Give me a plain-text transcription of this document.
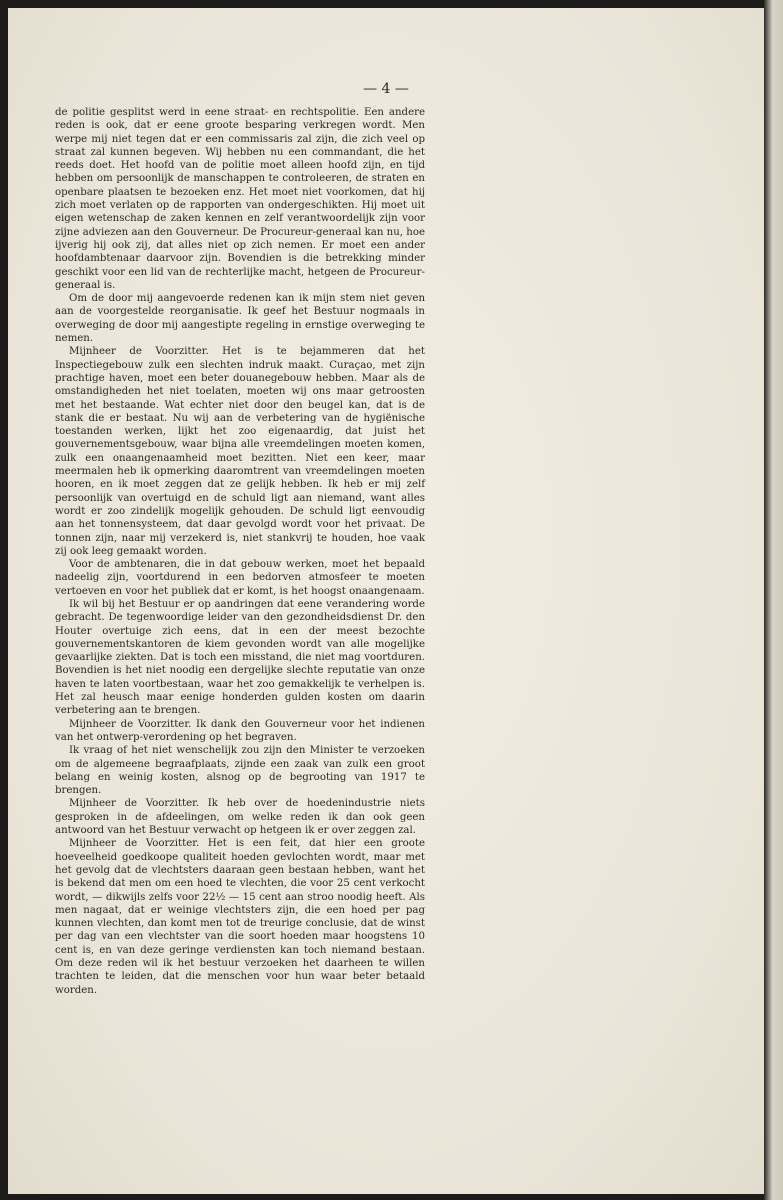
— 4 —

de politie gesplitst werd in eene straat- en rechtspolitie. Een andere reden is ook, dat er eene groote besparing verkregen wordt. Men werpe mij niet tegen dat er een commissaris zal zijn, die zich veel op straat zal kunnen begeven. Wij hebben nu een commandant, die het reeds doet. Het hoofd van de politie moet alleen hoofd zijn, en tijd hebben om persoonlijk de manschappen te controleeren, de straten en openbare plaatsen te bezoeken enz. Het moet niet voorkomen, dat hij zich moet verlaten op de rapporten van ondergeschikten. Hij moet uit eigen wetenschap de zaken kennen en zelf verantwoordelijk zijn voor zijne adviezen aan den Gouverneur. De Procureur-generaal kan nu, hoe ijverig hij ook zij, dat alles niet op zich nemen. Er moet een ander hoofdambtenaar daarvoor zijn. Bovendien is die betrekking minder geschikt voor een lid van de rechterlijke macht, hetgeen de Procureur-generaal is.

Om de door mij aangevoerde redenen kan ik mijn stem niet geven aan de voorgestelde reorganisatie. Ik geef het Bestuur nogmaals in overweging de door mij aangestipte regeling in ernstige overweging te nemen.

Mijnheer de Voorzitter. Het is te bejammeren dat het Inspectiegebouw zulk een slechten indruk maakt. Curaçao, met zijn prachtige haven, moet een beter douanegebouw hebben. Maar als de omstandigheden het niet toelaten, moeten wij ons maar getroosten met het bestaande. Wat echter niet door den beugel kan, dat is de stank die er bestaat. Nu wij aan de verbetering van de hygiënische toestanden werken, lijkt het zoo eigenaardig, dat juist het gouvernementsgebouw, waar bijna alle vreemdelingen moeten komen, zulk een onaangenaamheid moet bezitten. Niet een keer, maar meermalen heb ik opmerking daaromtrent van vreemdelingen moeten hooren, en ik moet zeggen dat ze gelijk hebben. Ik heb er mij zelf persoonlijk van overtuigd en de schuld ligt aan niemand, want alles wordt er zoo zindelijk mogelijk gehouden. De schuld ligt eenvoudig aan het tonnensysteem, dat daar gevolgd wordt voor het privaat. De tonnen zijn, naar mij verzekerd is, niet stankvrij te houden, hoe vaak zij ook leeg gemaakt worden.

Voor de ambtenaren, die in dat gebouw werken, moet het bepaald nadeelig zijn, voortdurend in een bedorven atmosfeer te moeten vertoeven en voor het publiek dat er komt, is het hoogst onaangenaam.

Ik wil bij het Bestuur er op aandringen dat eene verandering worde gebracht. De tegenwoordige leider van den gezondheidsdienst Dr. den Houter overtuige zich eens, dat in een der meest bezochte gouvernementskantoren de kiem gevonden wordt van alle mogelijke gevaarlijke ziekten. Dat is toch een misstand, die niet mag voortduren. Bovendien is het niet noodig een dergelijke slechte reputatie van onze haven te laten voortbestaan, waar het zoo gemakkelijk te verhelpen is. Het zal heusch maar eenige honderden gulden kosten om daarin verbetering aan te brengen.

Mijnheer de Voorzitter. Ik dank den Gouverneur voor het indienen van het ontwerp-verordening op het begraven.

Ik vraag of het niet wenschelijk zou zijn den Minister te verzoeken om de algemeene begraafplaats, zijnde een zaak van zulk een groot belang en weinig kosten, alsnog op de begrooting van 1917 te brengen.

Mijnheer de Voorzitter. Ik heb over de hoedenindustrie niets gesproken in de afdeelingen, om welke reden ik dan ook geen antwoord van het Bestuur verwacht op hetgeen ik er over zeggen zal.

Mijnheer de Voorzitter. Het is een feit, dat hier een groote hoeveelheid goedkoope qualiteit hoeden gevlochten wordt, maar met het gevolg dat de vlechtsters daaraan geen bestaan hebben, want het is bekend dat men om een hoed te vlechten, die voor 25 cent verkocht wordt, — dikwijls zelfs voor 22½ — 15 cent aan stroo noodig heeft. Als men nagaat, dat er weinige vlechtsters zijn, die een hoed per pag kunnen vlechten, dan komt men tot de treurige conclusie, dat de winst per dag van een vlechtster van die soort hoeden maar hoogstens 10 cent is, en van deze geringe verdiensten kan toch niemand bestaan. Om deze reden wil ik het bestuur verzoeken het daarheen te willen trachten te leiden, dat die menschen voor hun waar beter betaald worden.
